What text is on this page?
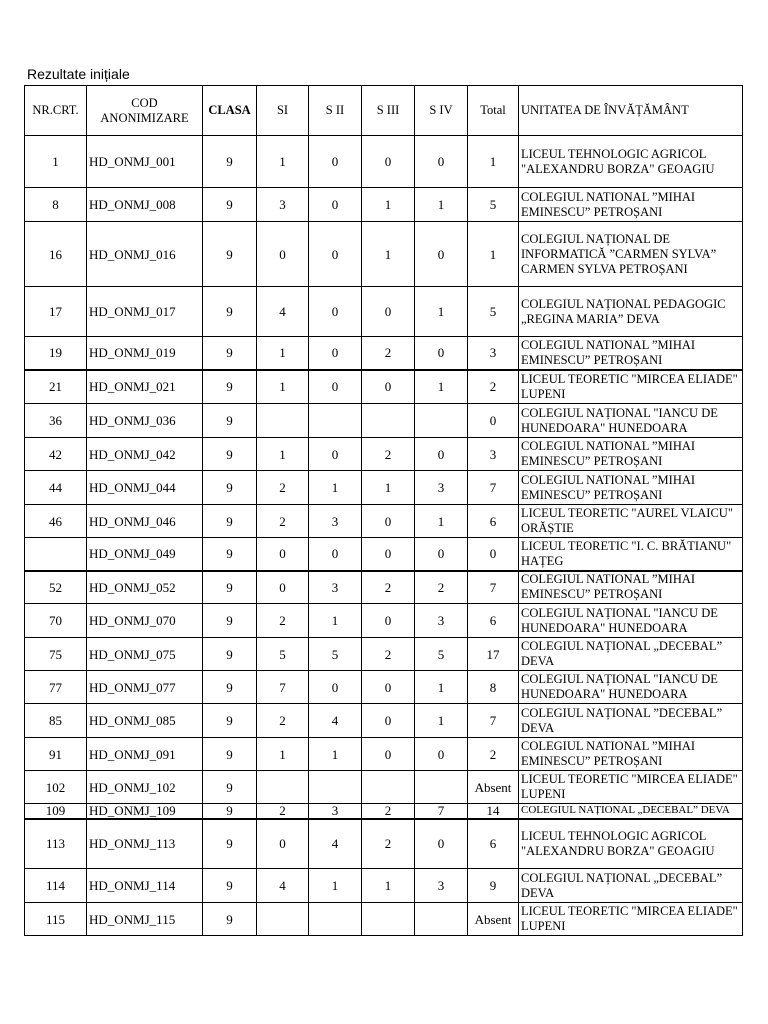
Rezultate inițiale
NR.CRT.	COD ANONIMIZARE	CLASA	SI	S II	S III	S IV	Total	UNITATEA DE ÎNVĂȚĂMÂNT
1	HD_ONMJ_001	9	1	0	0	0	1	LICEUL TEHNOLOGIC AGRICOL "ALEXANDRU BORZA" GEOAGIU

8	HD_ONMJ_008	9	3	0	1	1	5	COLEGIUL NATIONAL ”MIHAI EMINESCU” PETROȘANI

16	HD_ONMJ_016	9	0	0	1	0	1	COLEGIUL NAȚIONAL DE INFORMATICĂ ”CARMEN SYLVA” CARMEN SYLVA PETROȘANI

17	HD_ONMJ_017	9	4	0	0	1	5	COLEGIUL NAȚIONAL PEDAGOGIC „REGINA MARIA” DEVA

19	HD_ONMJ_019	9	1	0	2	0	3	COLEGIUL NATIONAL ”MIHAI EMINESCU” PETROȘANI

21	HD_ONMJ_021	9	1	0	0	1	2	LICEUL TEORETIC "MIRCEA ELIADE" LUPENI

36	HD_ONMJ_036	9					0	COLEGIUL NAȚIONAL "IANCU DE HUNEDOARA" HUNEDOARA

42	HD_ONMJ_042	9	1	0	2	0	3	COLEGIUL NATIONAL ”MIHAI EMINESCU” PETROȘANI

44	HD_ONMJ_044	9	2	1	1	3	7	COLEGIUL NATIONAL ”MIHAI EMINESCU” PETROȘANI

46	HD_ONMJ_046	9	2	3	0	1	6	LICEUL TEORETIC "AUREL VLAICU" ORĂȘTIE

	HD_ONMJ_049	9	0	0	0	0	0	LICEUL TEORETIC "I. C. BRĂTIANU" HAȚEG

52	HD_ONMJ_052	9	0	3	2	2	7	COLEGIUL NATIONAL ”MIHAI EMINESCU” PETROȘANI

70	HD_ONMJ_070	9	2	1	0	3	6	COLEGIUL NAȚIONAL "IANCU DE HUNEDOARA" HUNEDOARA

75	HD_ONMJ_075	9	5	5	2	5	17	COLEGIUL NAȚIONAL „DECEBAL” DEVA

77	HD_ONMJ_077	9	7	0	0	1	8	COLEGIUL NAȚIONAL "IANCU DE HUNEDOARA" HUNEDOARA

85	HD_ONMJ_085	9	2	4	0	1	7	COLEGIUL NAȚIONAL ”DECEBAL” DEVA

91	HD_ONMJ_091	9	1	1	0	0	2	COLEGIUL NATIONAL ”MIHAI EMINESCU” PETROȘANI

102	HD_ONMJ_102	9					Absent	LICEUL TEORETIC "MIRCEA ELIADE" LUPENI

109	HD_ONMJ_109	9	2	3	2	7	14	COLEGIUL NAȚIONAL „DECEBAL” DEVA

113	HD_ONMJ_113	9	0	4	2	0	6	LICEUL TEHNOLOGIC AGRICOL "ALEXANDRU BORZA" GEOAGIU

114	HD_ONMJ_114	9	4	1	1	3	9	COLEGIUL NAȚIONAL „DECEBAL” DEVA

115	HD_ONMJ_115	9					Absent	LICEUL TEORETIC "MIRCEA ELIADE" LUPENI
